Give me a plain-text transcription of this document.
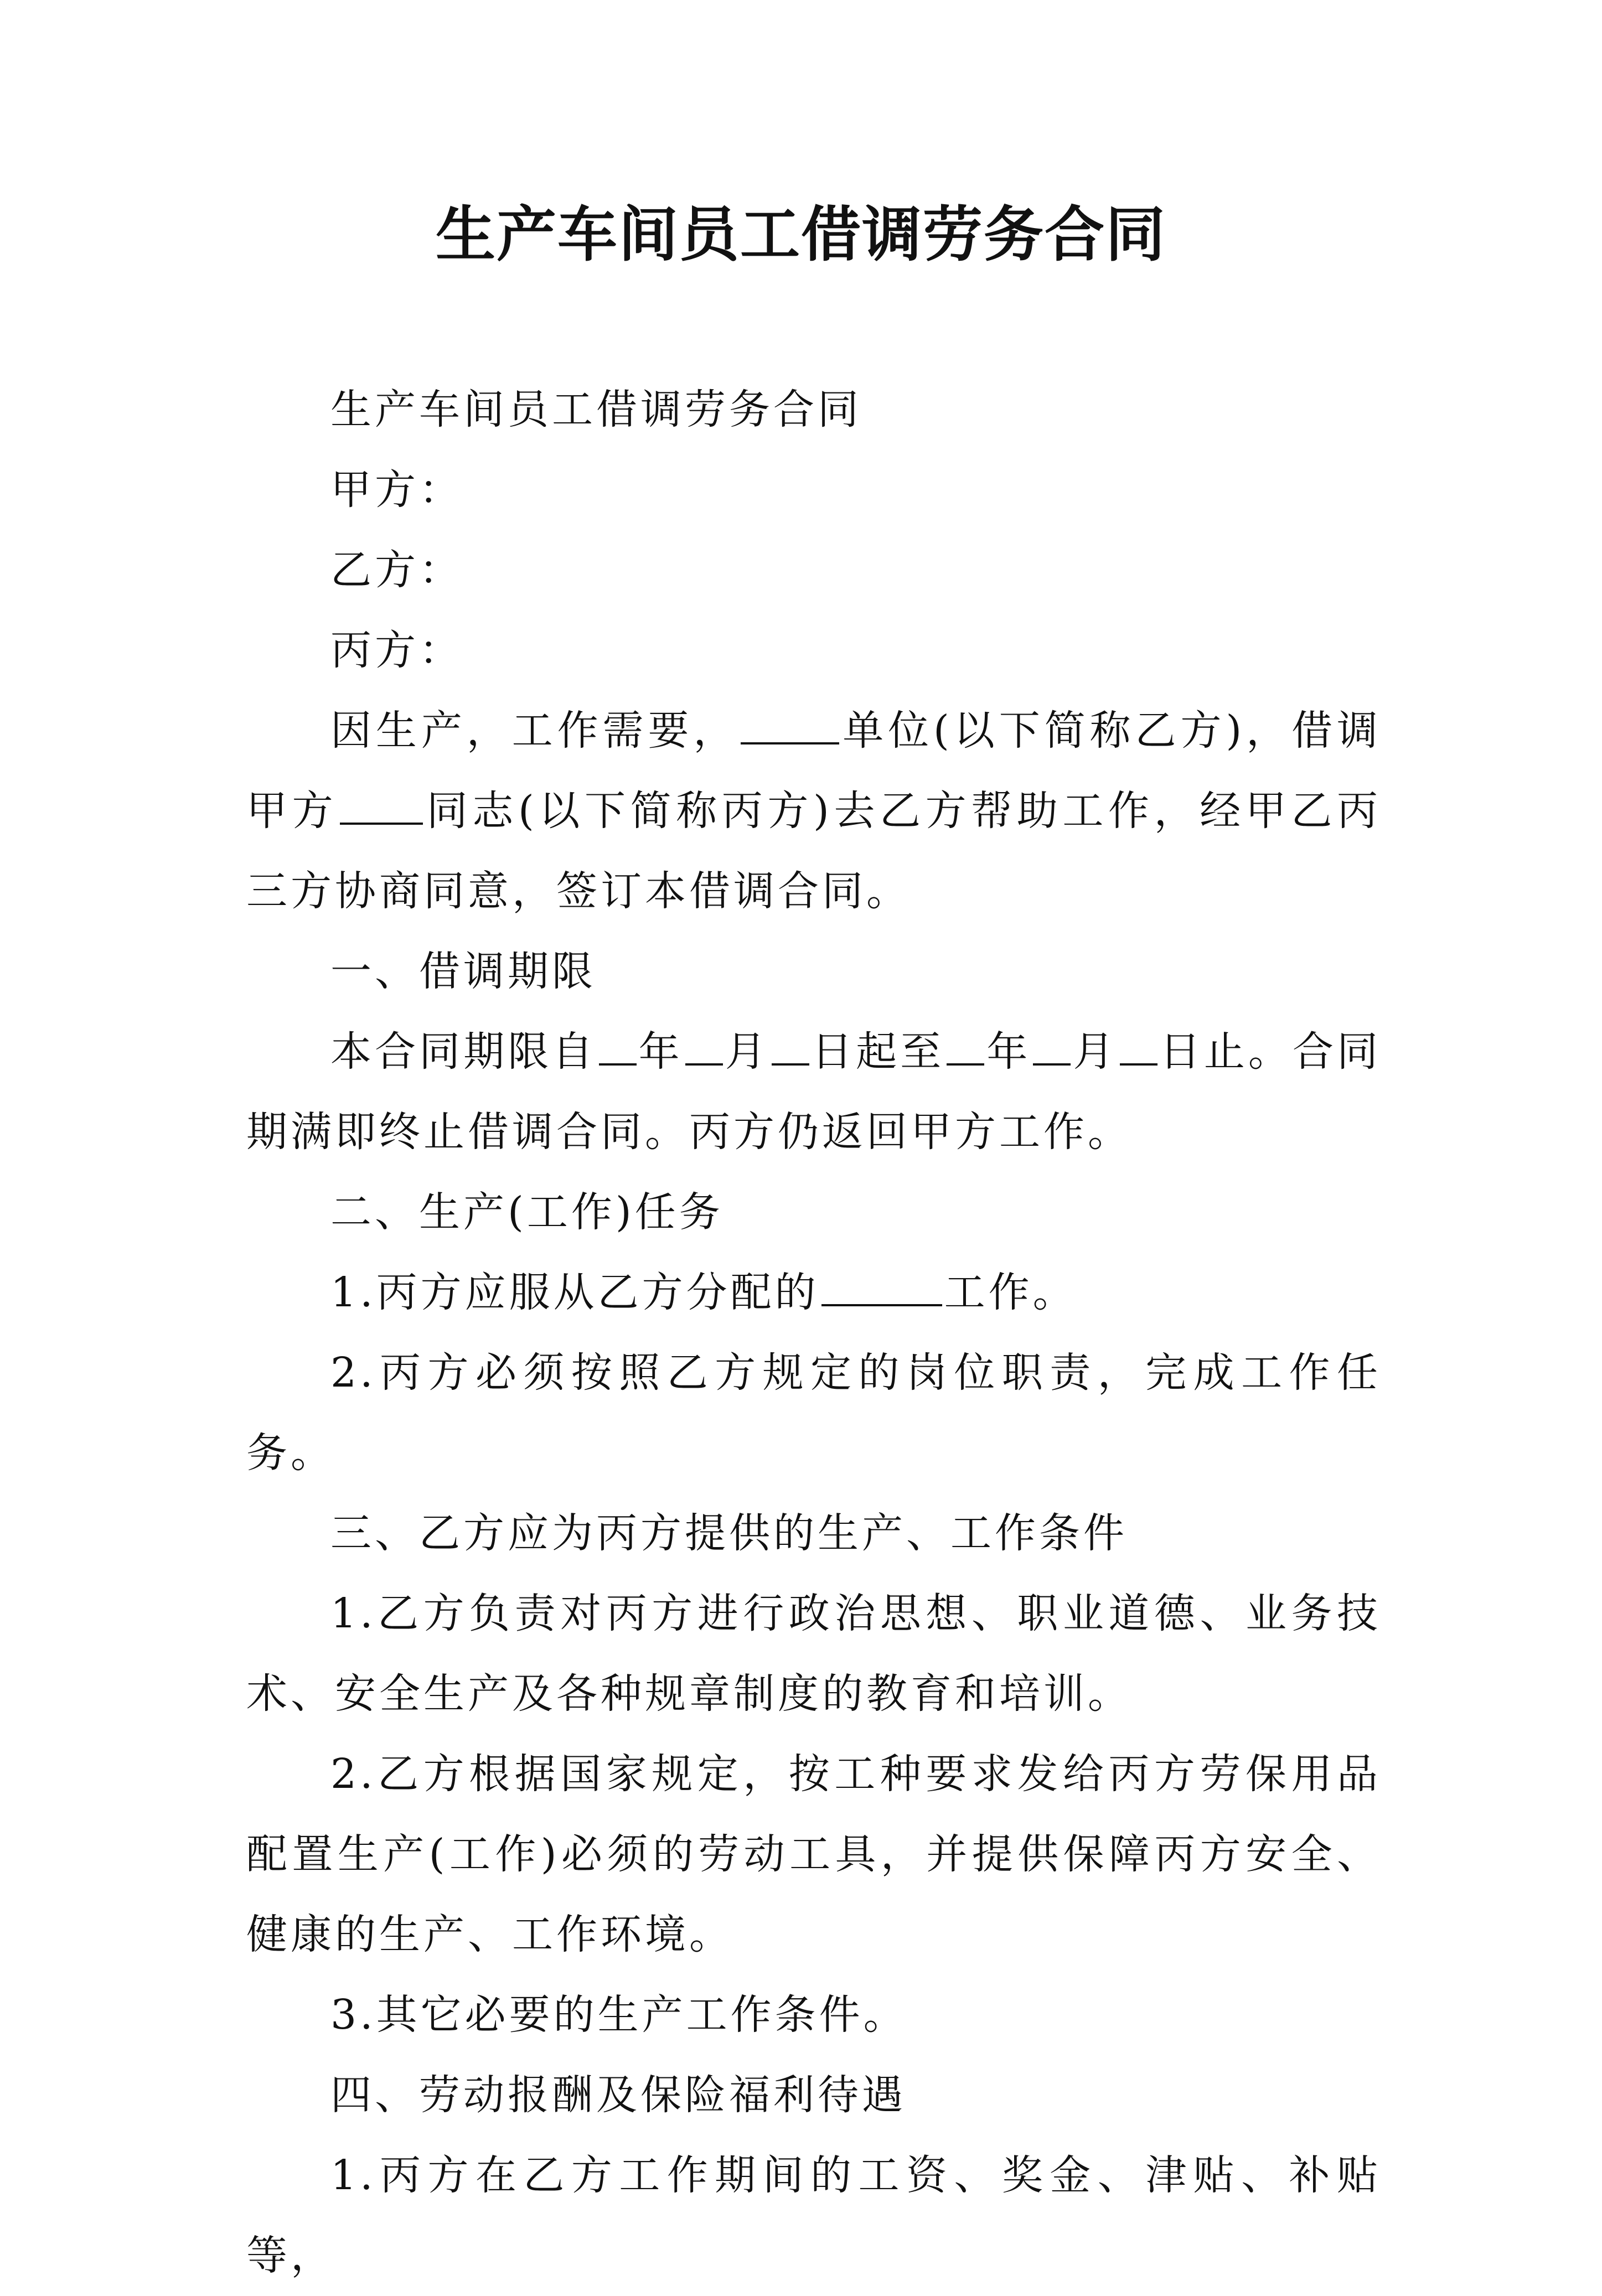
生产车间员工借调劳务合同

生产车间员工借调劳务合同

甲方：

乙方：

丙方：

因生产，工作需要，	单位(以下简称乙方)，借调甲方 同志(以下简称丙方)去乙方帮助工作，经甲乙丙三方协商同意，签订本借调合同。

一、借调期限

本合同期限自 年 月 日起至 年 月 日止。合同期满即终止借调合同。丙方仍返回甲方工作。

二、生产(工作)任务

1.丙方应服从乙方分配的	工作。

2.丙方必须按照乙方规定的岗位职责，完成工作任务。

三、乙方应为丙方提供的生产、工作条件

1.乙方负责对丙方进行政治思想、职业道德、业务技术、安全生产及各种规章制度的教育和培训。

2.乙方根据国家规定，按工种要求发给丙方劳保用品配置生产(工作)必须的劳动工具，并提供保障丙方安全、健康的生产、工作环境。

3.其它必要的生产工作条件。

四、劳动报酬及保险福利待遇

1.丙方在乙方工作期间的工资、奖金、津贴、补贴等，
